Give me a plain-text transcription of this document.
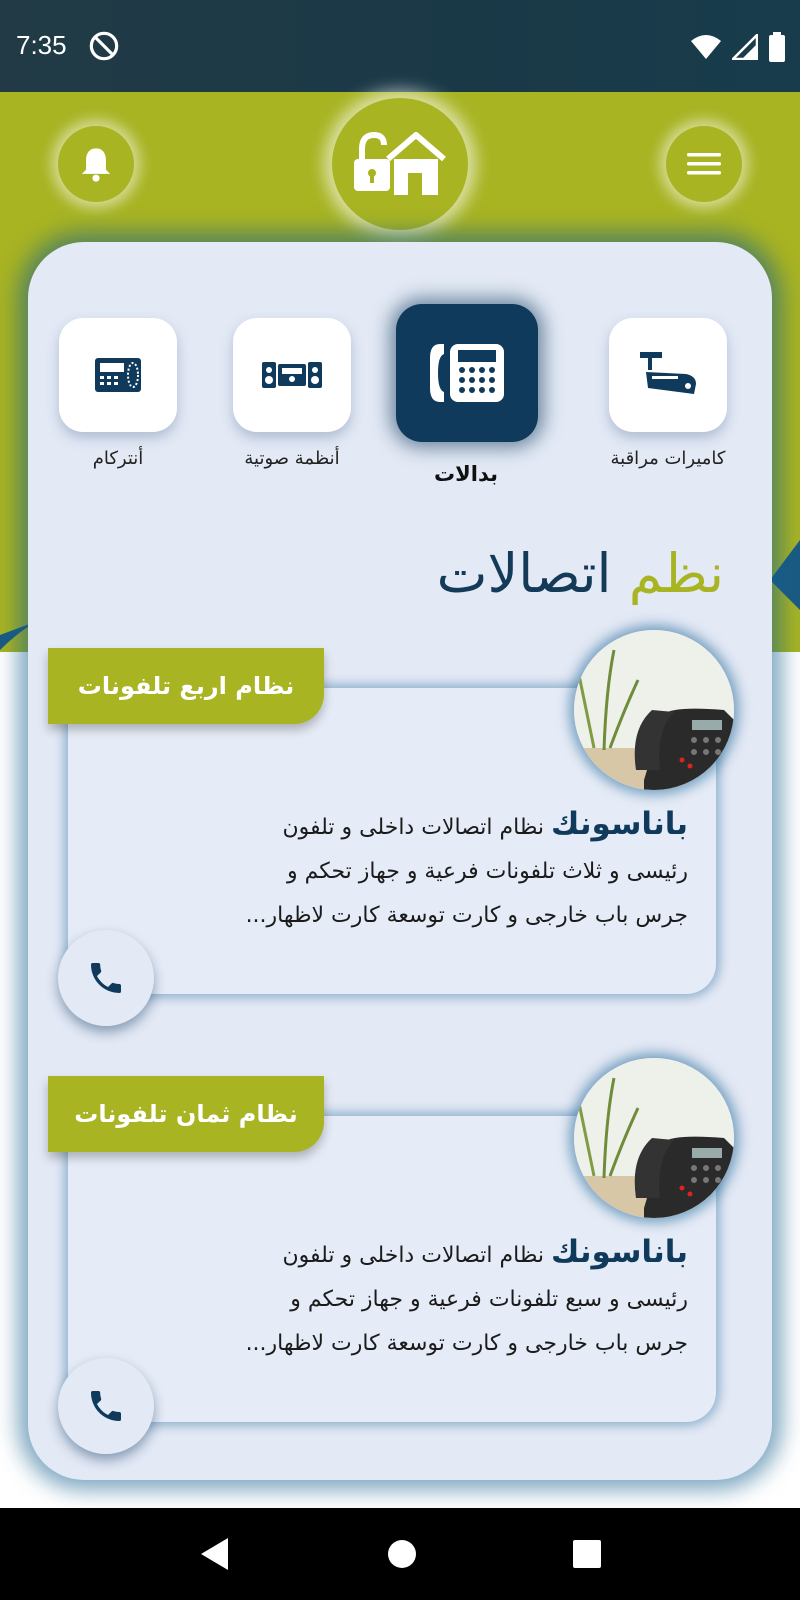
7:35
أنتركام	أنظمة صوتية
بدالات
كاميرات مراقبة
نظم اتصالات
نظام اربع تلفونات
باناسونك نظام اتصالات داخلى و تلفون
رئيسى و ثلاث تلفونات فرعية و جهاز تحكم و
جرس باب خارجى و كارت توسعة كارت لاظهار...
نظام ثمان تلفونات
باناسونك نظام اتصالات داخلى و تلفون
رئيسى و سبع تلفونات فرعية و جهاز تحكم و
جرس باب خارجى و كارت توسعة كارت لاظهار...
